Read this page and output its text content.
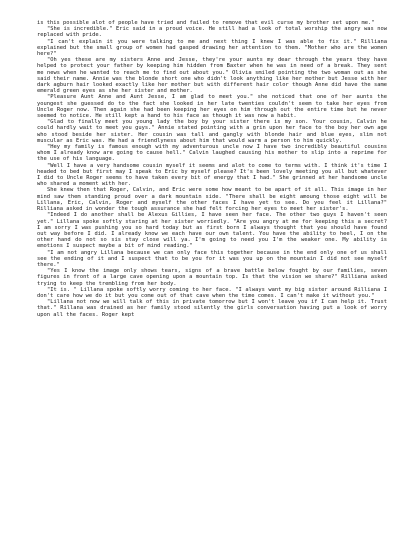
is this possible alot of people have tried and failed to remove that evil curse my brother set upon me."

"She is incredible." Eric said in a proud voice. He still had a look of total worship the angry was now replaced with pride.

"I can't explain it you were talking to me and next thing I knew I was able to fix it." Rilliana explained but the small group of women had gasped drawing her attention to them. "Mother who are the women here?"

"Oh yes these are my sisters Anne and Jesse, they're your aunts my dear through the years they have helped to protect your father by keeping him hidden from Baxter when he was in need of a break. They sent me news when he wanted to reach me to find out about you." Olivia smiled pointing the two woman out as she said their name. Annie was the blonde short one who didn't look anything like her mother but Jesse with her dark agburn hair looked exactly like her mother but with different hair color though Anne did have the same emerald green eyes as she her sister and mother.

"Pleasure Aunt Anne and Aunt Jesse, I am glad to meet you." she noticed that one of her aunts the youngest she guessed do to the fact she looked in her late twenties couldn't seem to take her eyes from Uncle Roger now. Then again she had been keeping her eyes on him through out the entire time but he never seemed to notice. He still kept a hand to his face as though it was now a habit.

"Glad to finally meet you young lady the boy by your sister there is my son. Your cousin, Calvin he could hardly wait to meet you guys." Annie stated pointing with a grin upon her face to the boy her own age who stood beside her sister. Her cousin was tall and gangly with blonde hair and blue eyes, slim not muscular as Eric was. He had a friendlyness about him that would warm a person to him quickly.

"Hey my family is famous enough with my adventurous uncle now I have two incredibly beautiful cousins whom I already know are going to cause hell." Calvin laughed causing his mother to slip into a reprime for the use of his language.

"Well I have a very handsome cousin myself it seems and alot to come to terms with. I think it's time I headed to bed but first may I speak to Eric by myself please? It's been lovely meeting you all but whatever I did to Uncle Roger seems to have taken every bit of energy that I had." She grinned at her handsome uncle who shared a moment with her.

She knew then that Roger, Calvin, and Eric were some how meant to be apart of it all. This image in her mind saw them standing proud over a dark mountain side. "There shall be eight amoung those eight will be Lillana, Eric, Calvin, Roger and myself the other faces I have yet to see. Do you feel it Lillana?" Rilliana asked in wonder the tough assurance she had felt forcing her eyes to meet her sister's.

"Indeed I do another shall be Alexus Gillies, I have seen her face. The other two guys I haven't seen yet." Lillana spoke softly staring at her sister worriedly. "Are you angry at me for keeping this a secret? I am sorry I was pushing you so hard today but as first born I always thought that you should have found out way before I did. I already know we each have our own talent. You have the ability to heel, I on the other hand do not so sis stay close will ya. I'm going to need you I'm the weaker one. My ability is emotions I suspect maybe a bit of mind reading."

"I am not angry Lillana because we can only face this together because in the end only one of us shall see the ending of it and I suspect that to be you for it was you up on the mountain I did not see myself there."

"Yes I know the image only shows tears, signs of a brave battle below fought by our families, seven figures in front of a large cave opening upon a mountain top. Is that the vision we share?" Rilliana asked trying to keep the trembling from her body.

"It is. " Lillana spoke softly worry coming to her face. "I always want my big sister around Rilliana I don't care how we do it but you come out of that cave when the time comes. I can't make it without you."

"Lillana not now we will talk of this in private tomorrow but I won't leave you if I can help it. Trust that." Rillana was drained as her family stood silently the girls conversation having put a look of worry upon all the faces. Roger kept
